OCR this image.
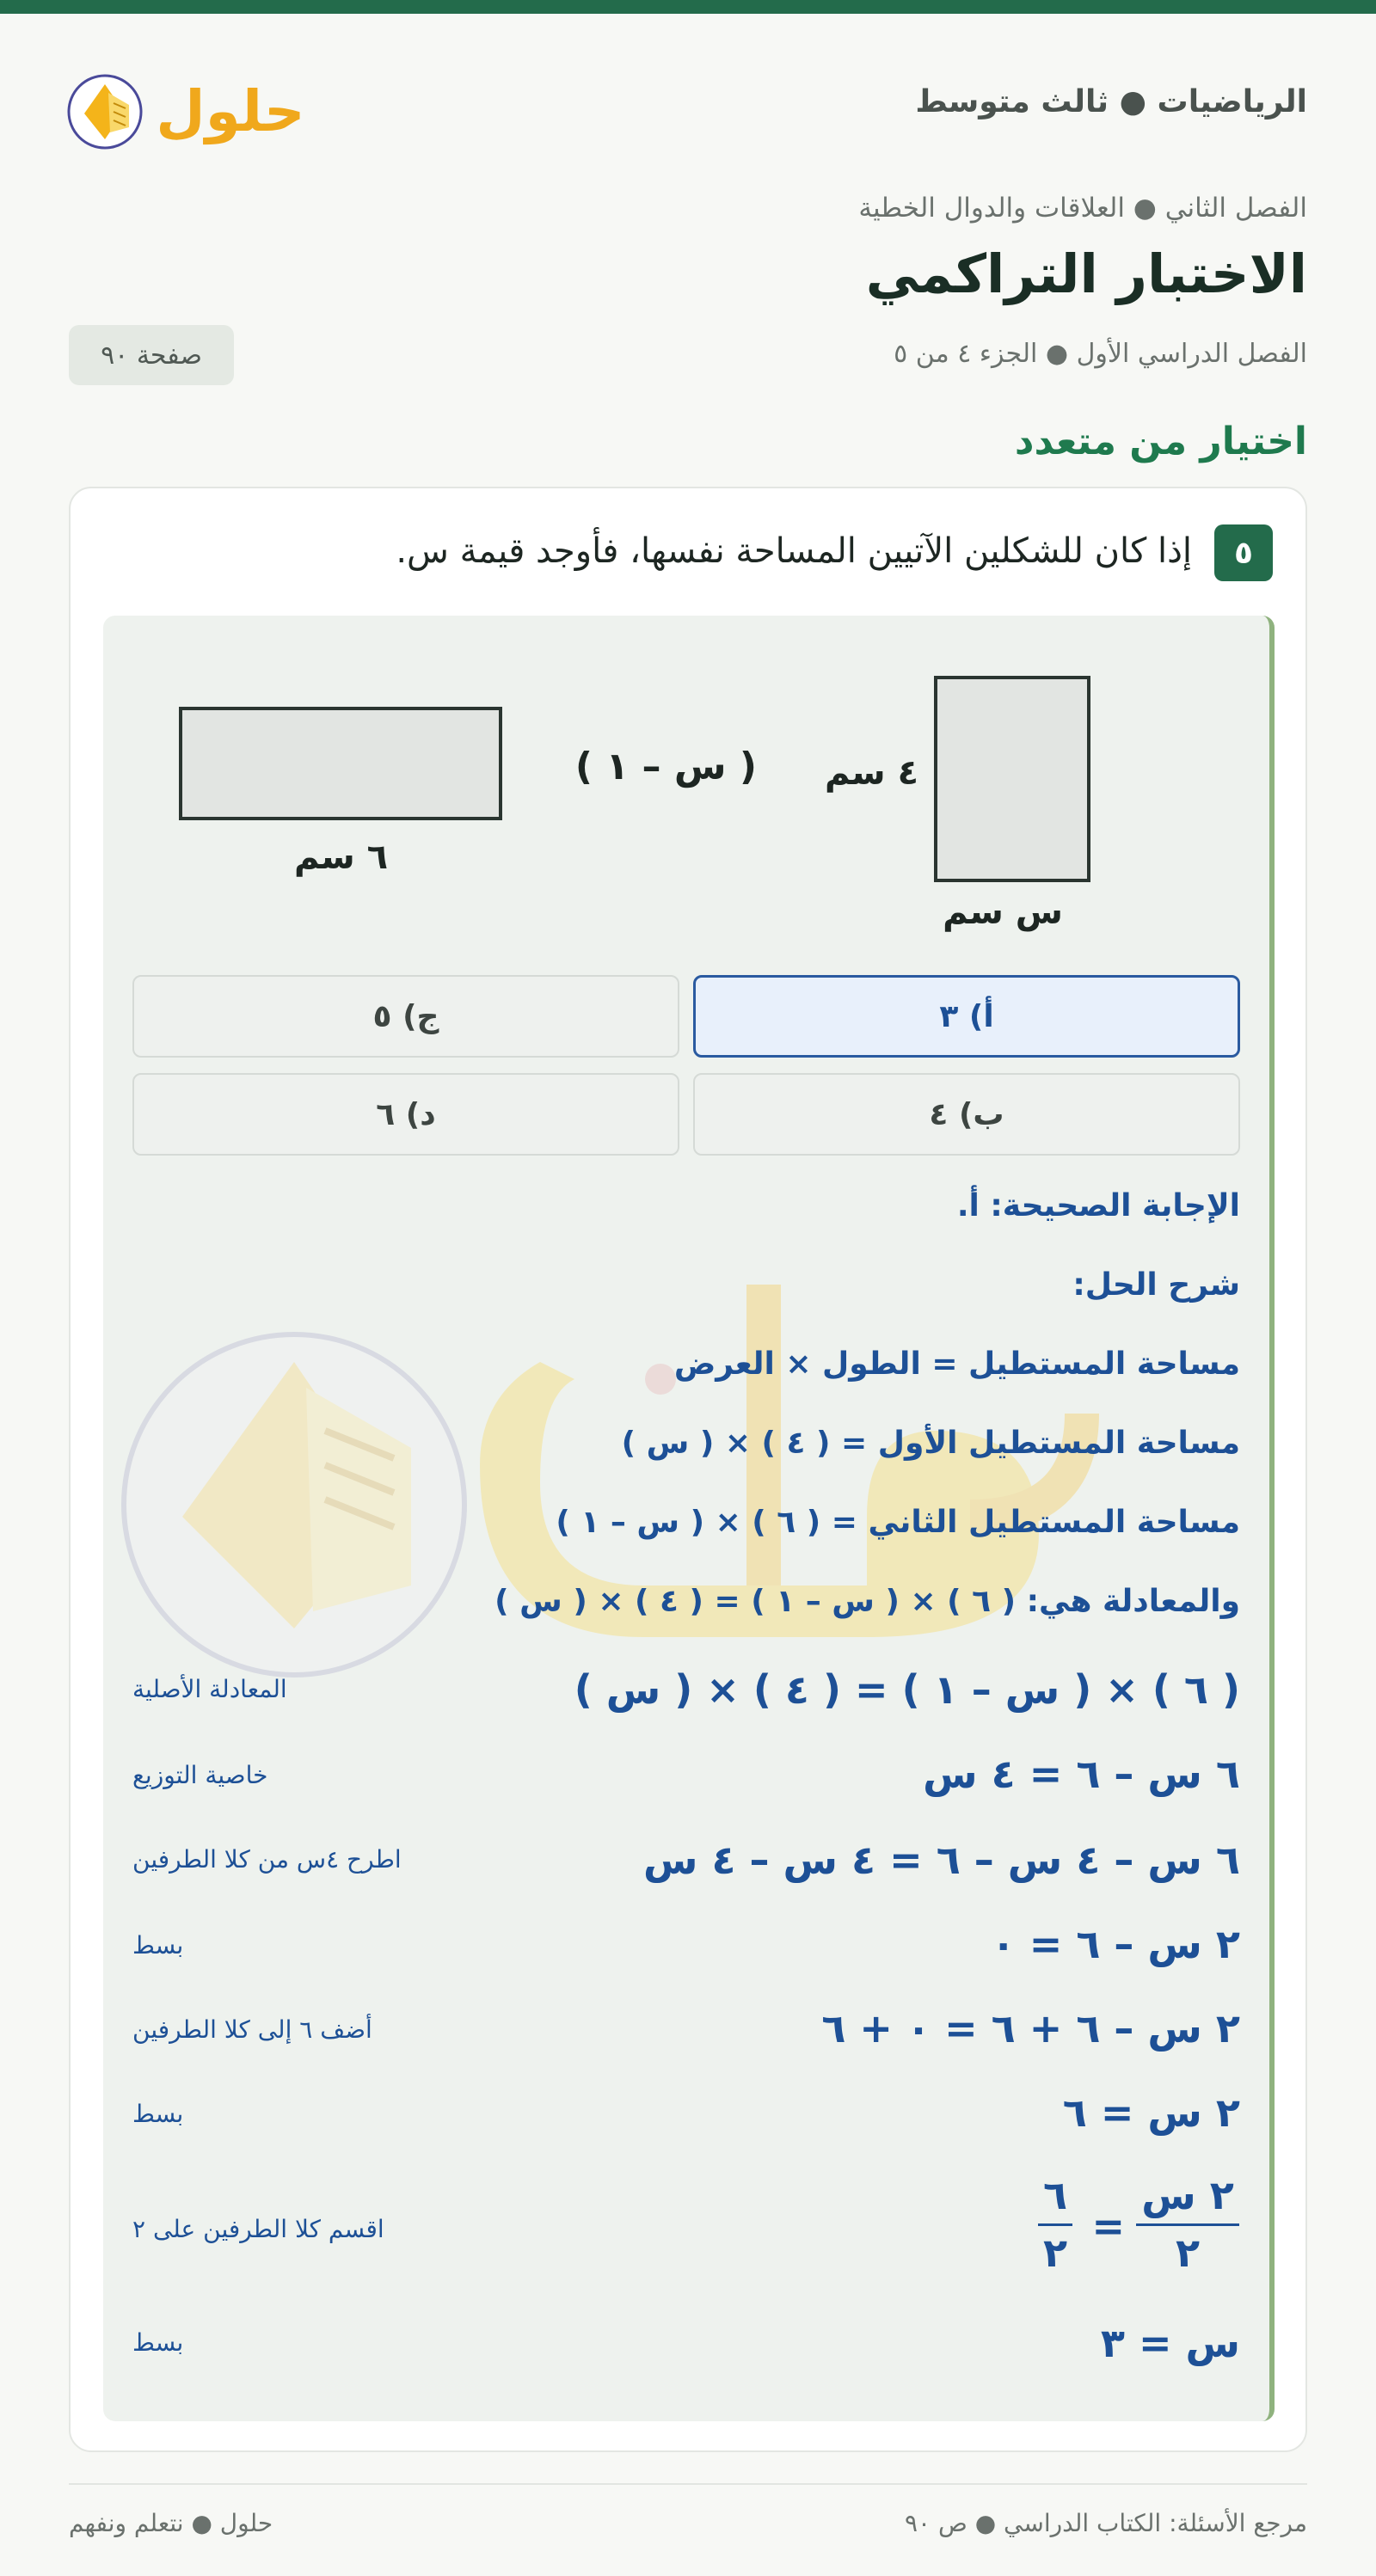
الرياضيات ● ثالث متوسط
حلول
الفصل الثاني ● العلاقات والدوال الخطية
الاختبار التراكمي
الفصل الدراسي الأول ● الجزء ٤ من ٥
صفحة ٩٠
اختيار من متعدد
٥
إذا كان للشكلين الآتيين المساحة نفسها، فأوجد قيمة س.
٤ سم
س سم
( س – ١ )
٦ سم
أ) ٣
ج) ٥
ب) ٤
د) ٦
الإجابة الصحيحة: أ.
شرح الحل:
مساحة المستطيل = الطول × العرض
مساحة المستطيل الأول = ( ٤ ) × ( س )
مساحة المستطيل الثاني = ( ٦ ) × ( س – ١ )
والمعادلة هي: ( ٦ ) × ( س – ١ ) = ( ٤ ) × ( س )
( ٦ ) × ( س – ١ ) = ( ٤ ) × ( س )
المعادلة الأصلية
٦ س – ٦ = ٤ س
خاصية التوزيع
٦ س – ٤ س – ٦ = ٤ س – ٤ س
اطرح ٤س من كلا الطرفين
٢ س – ٦ = ٠
بسط
٢ س – ٦ + ٦ = ٠ + ٦
أضف ٦ إلى كلا الطرفين
٢ س = ٦
بسط
٢ س
٢
=
٦
٢
اقسم كلا الطرفين على ٢
س = ٣
بسط
مرجع الأسئلة: الكتاب الدراسي ● ص ٩٠
حلول ● نتعلم ونفهم
